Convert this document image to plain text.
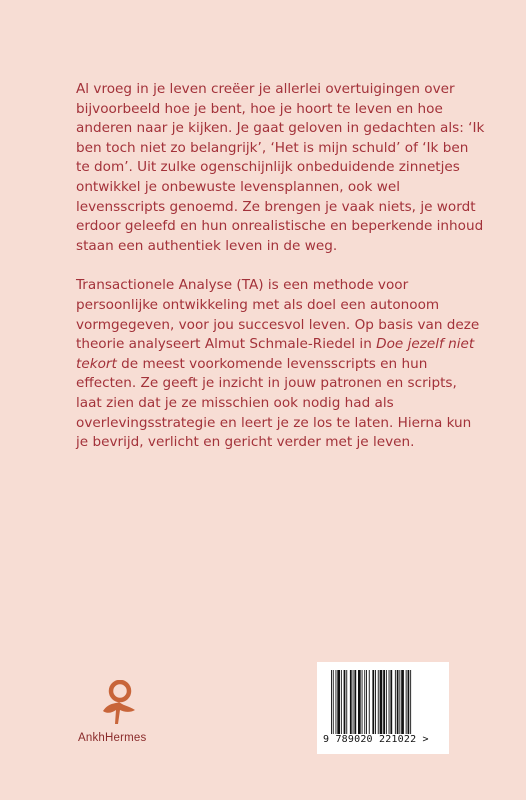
Al vroeg in je leven creëer je allerlei overtuigingen over bijvoorbeeld hoe je bent, hoe je hoort te leven en hoe anderen naar je kijken. Je gaat geloven in gedachten als: ‘Ik ben toch niet zo belangrijk’, ‘Het is mijn schuld’ of ‘Ik ben te dom’. Uit zulke ogenschijnlijk onbeduidende zinnetjes ontwikkel je onbewuste levensplannen, ook wel levensscripts genoemd. Ze brengen je vaak niets, je wordt erdoor geleefd en hun onrealistische en beperkende inhoud staan een authentiek leven in de weg.

Transactionele Analyse (TA) is een methode voor persoonlijke ontwikkeling met als doel een autonoom vormgegeven, voor jou succesvol leven. Op basis van deze theorie analyseert Almut Schmale-Riedel in Doe jezelf niet tekort de meest voorkomende levensscripts en hun effecten. Ze geeft je inzicht in jouw patronen en scripts, laat zien dat je ze misschien ook nodig had als overlevingsstrategie en leert je ze los te laten. Hierna kun je bevrijd, verlicht en gericht verder met je leven.

AnkhHermes	9 789020 221022 >
